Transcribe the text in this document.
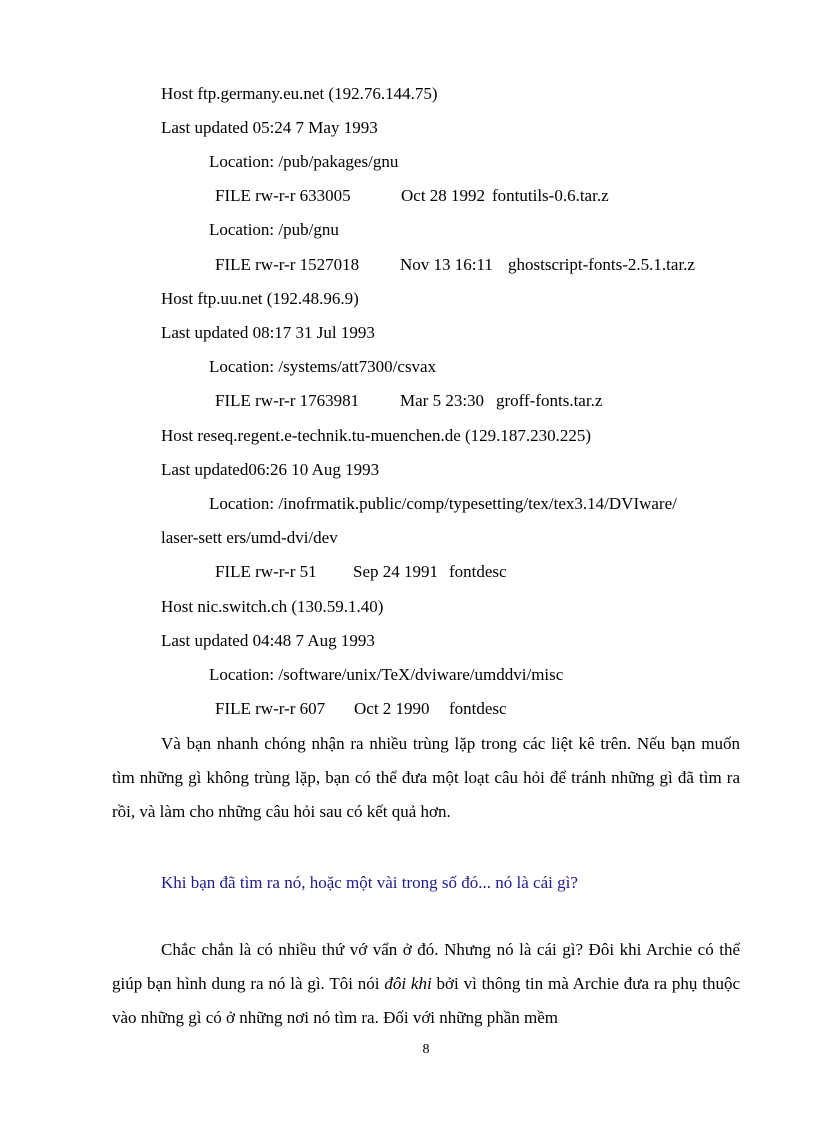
Host ftp.germany.eu.net (192.76.144.75)
Last updated 05:24 7 May 1993
Location: /pub/pakages/gnu
FILE rw-r-r 633005	Oct 28 1992 fontutils-0.6.tar.z
Location: /pub/gnu
FILE rw-r-r 1527018 Nov 13 16:11 ghostscript-fonts-2.5.1.tar.z
Host ftp.uu.net (192.48.96.9)
Last updated 08:17 31 Jul 1993
Location: /systems/att7300/csvax
FILE rw-r-r 1763981 Mar 5 23:30 groff-fonts.tar.z
Host reseq.regent.e-technik.tu-muenchen.de (129.187.230.225)
Last updated06:26 10 Aug 1993
Location: /inofrmatik.public/comp/typesetting/tex/tex3.14/DVIware/
laser-sett ers/umd-dvi/dev
FILE rw-r-r 51 Sep 24 1991 fontdesc
Host nic.switch.ch (130.59.1.40)
Last updated 04:48 7 Aug 1993
Location: /software/unix/TeX/dviware/umddvi/misc
FILE rw-r-r 607 Oct 2 1990 fontdesc

Và bạn nhanh chóng nhận ra nhiều trùng lặp trong các liệt kê trên. Nếu bạn muốn tìm những gì không trùng lặp, bạn có thể đưa một loạt câu hỏi để tránh những gì đã tìm ra rồi, và làm cho những câu hỏi sau có kết quả hơn.

Khi bạn đã tìm ra nó, hoặc một vài trong số đó... nó là cái gì?

Chắc chắn là có nhiều thứ vớ vẩn ở đó. Nhưng nó là cái gì? Đôi khi Archie có thể giúp bạn hình dung ra nó là gì. Tôi nói đôi khi bởi vì thông tin mà Archie đưa ra phụ thuộc vào những gì có ở những nơi nó tìm ra. Đối với những phần mềm

8
